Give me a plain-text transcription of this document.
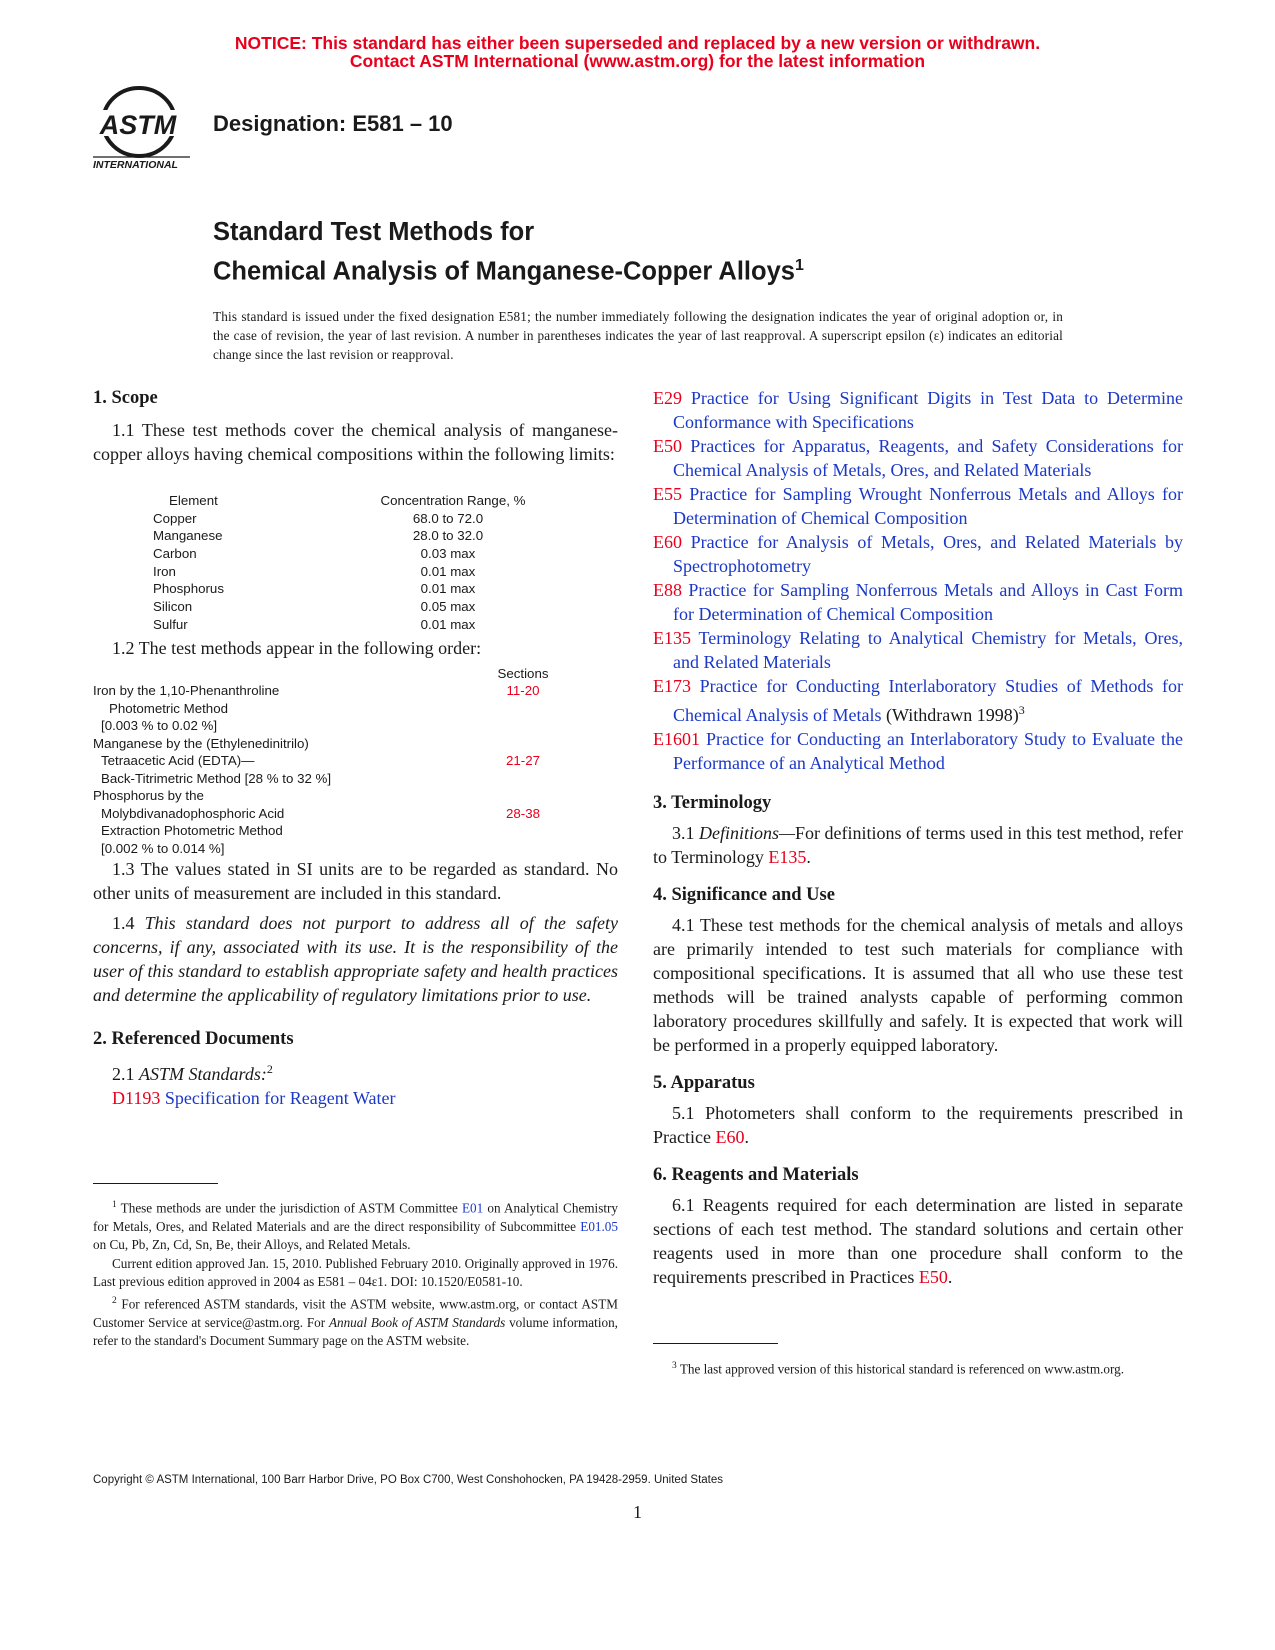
NOTICE: This standard has either been superseded and replaced by a new version or withdrawn.
Contact ASTM International (www.astm.org) for the latest information
ASTM
INTERNATIONAL
Designation: E581 – 10
Standard Test Methods for
Chemical Analysis of Manganese-Copper Alloys$^1$
This standard is issued under the fixed designation E581; the number immediately following the designation indicates the year of original adoption or, in the case of revision, the year of last revision. A number in parentheses indicates the year of last reapproval. A superscript epsilon (ε) indicates an editorial change since the last revision or reapproval.
1. Scope

1.1 These test methods cover the chemical analysis of manganese-copper alloys having chemical compositions within the following limits:

Element	Concentration Range, %
Copper	68.0 to 72.0
Manganese	28.0 to 32.0
Carbon	0.03 max
Iron	0.01 max
Phosphorus	0.01 max
Silicon	0.05 max
Sulfur	0.01 max

1.2 The test methods appear in the following order:

Sections
Iron by the 1,10-Phenanthroline	11-20
Photometric Method
[0.003 % to 0.02 %]
Manganese by the (Ethylenedinitrilo)
Tetraacetic Acid (EDTA)—	21-27
Back-Titrimetric Method [28 % to 32 %]
Phosphorus by the
Molybdivanadophosphoric Acid	28-38
Extraction Photometric Method
[0.002 % to 0.014 %]

1.3 The values stated in SI units are to be regarded as standard. No other units of measurement are included in this standard.

1.4 This standard does not purport to address all of the safety concerns, if any, associated with its use. It is the responsibility of the user of this standard to establish appropriate safety and health practices and determine the applicability of regulatory limitations prior to use.

2. Referenced Documents

2.1 ASTM Standards:$^2$

D1193 Specification for Reagent Water

$^1$ These methods are under the jurisdiction of ASTM Committee E01 on Analytical Chemistry for Metals, Ores, and Related Materials and are the direct responsibility of Subcommittee E01.05 on Cu, Pb, Zn, Cd, Sn, Be, their Alloys, and Related Metals.

Current edition approved Jan. 15, 2010. Published February 2010. Originally approved in 1976. Last previous edition approved in 2004 as E581 – 04ε1. DOI: 10.1520/E0581-10.

$^2$ For referenced ASTM standards, visit the ASTM website, www.astm.org, or contact ASTM Customer Service at service@astm.org. For Annual Book of ASTM Standards volume information, refer to the standard's Document Summary page on the ASTM website.

E29 Practice for Using Significant Digits in Test Data to Determine Conformance with Specifications

E50 Practices for Apparatus, Reagents, and Safety Considerations for Chemical Analysis of Metals, Ores, and Related Materials

E55 Practice for Sampling Wrought Nonferrous Metals and Alloys for Determination of Chemical Composition

E60 Practice for Analysis of Metals, Ores, and Related Materials by Spectrophotometry

E88 Practice for Sampling Nonferrous Metals and Alloys in Cast Form for Determination of Chemical Composition

E135 Terminology Relating to Analytical Chemistry for Metals, Ores, and Related Materials

E173 Practice for Conducting Interlaboratory Studies of Methods for Chemical Analysis of Metals (Withdrawn 1998)$^3$

E1601 Practice for Conducting an Interlaboratory Study to Evaluate the Performance of an Analytical Method

3. Terminology

3.1 Definitions—For definitions of terms used in this test method, refer to Terminology E135.

4. Significance and Use

4.1 These test methods for the chemical analysis of metals and alloys are primarily intended to test such materials for compliance with compositional specifications. It is assumed that all who use these test methods will be trained analysts capable of performing common laboratory procedures skillfully and safely. It is expected that work will be performed in a properly equipped laboratory.

5. Apparatus

5.1 Photometers shall conform to the requirements prescribed in Practice E60.

6. Reagents and Materials

6.1 Reagents required for each determination are listed in separate sections of each test method. The standard solutions and certain other reagents used in more than one procedure shall conform to the requirements prescribed in Practices E50.

$^3$ The last approved version of this historical standard is referenced on www.astm.org.

Copyright © ASTM International, 100 Barr Harbor Drive, PO Box C700, West Conshohocken, PA 19428-2959. United States
1
